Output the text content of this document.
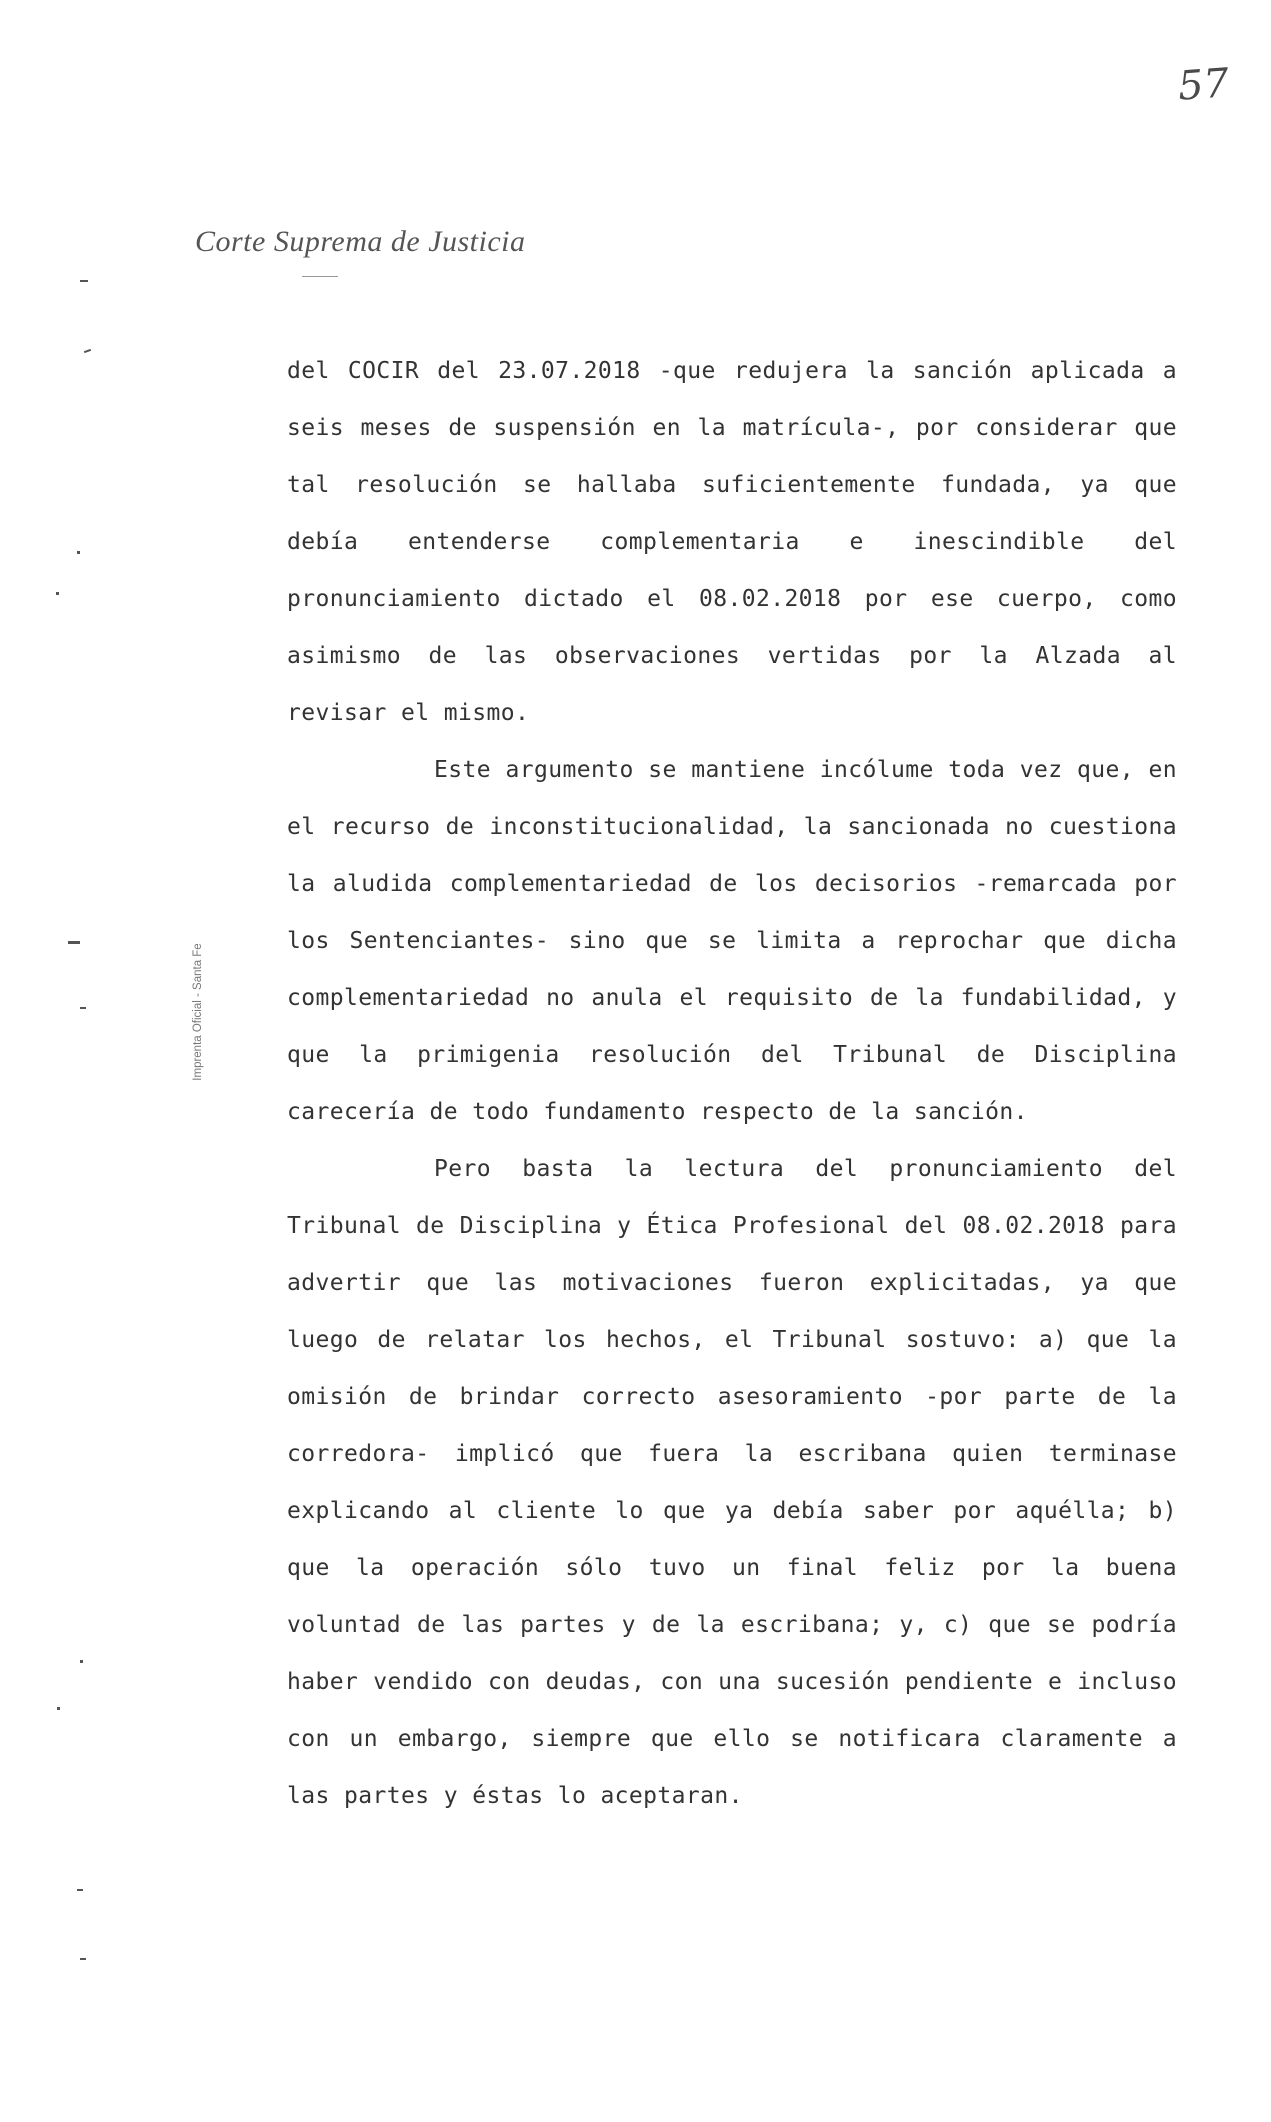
57
Corte Suprema de Justicia
Imprenta Oficial - Santa Fe

del COCIR del 23.07.2018 -que redujera la sanción aplicada a seis meses de suspensión en la matrícula-, por considerar que tal resolución se hallaba suficientemente fundada, ya que debía entenderse complementaria e inescindible del pronunciamiento dictado el 08.02.2018 por ese cuerpo, como asimismo de las observaciones vertidas por la Alzada al revisar el mismo.

Este argumento se mantiene incólume toda vez que, en el recurso de inconstitucionalidad, la sancionada no cuestiona la aludida complementariedad de los decisorios -remarcada por los Sentenciantes- sino que se limita a reprochar que dicha complementariedad no anula el requisito de la fundabilidad, y que la primigenia resolución del Tribunal de Disciplina carecería de todo fundamento respecto de la sanción.

Pero basta la lectura del pronunciamiento del Tribunal de Disciplina y Ética Profesional del 08.02.2018 para advertir que las motivaciones fueron explicitadas, ya que luego de relatar los hechos, el Tribunal sostuvo: a) que la omisión de brindar correcto asesoramiento -por parte de la corredora- implicó que fuera la escribana quien terminase explicando al cliente lo que ya debía saber por aquélla; b) que la operación sólo tuvo un final feliz por la buena voluntad de las partes y de la escribana; y, c) que se podría haber vendido con deudas, con una sucesión pendiente e incluso con un embargo, siempre que ello se notificara claramente a las partes y éstas lo aceptaran.
